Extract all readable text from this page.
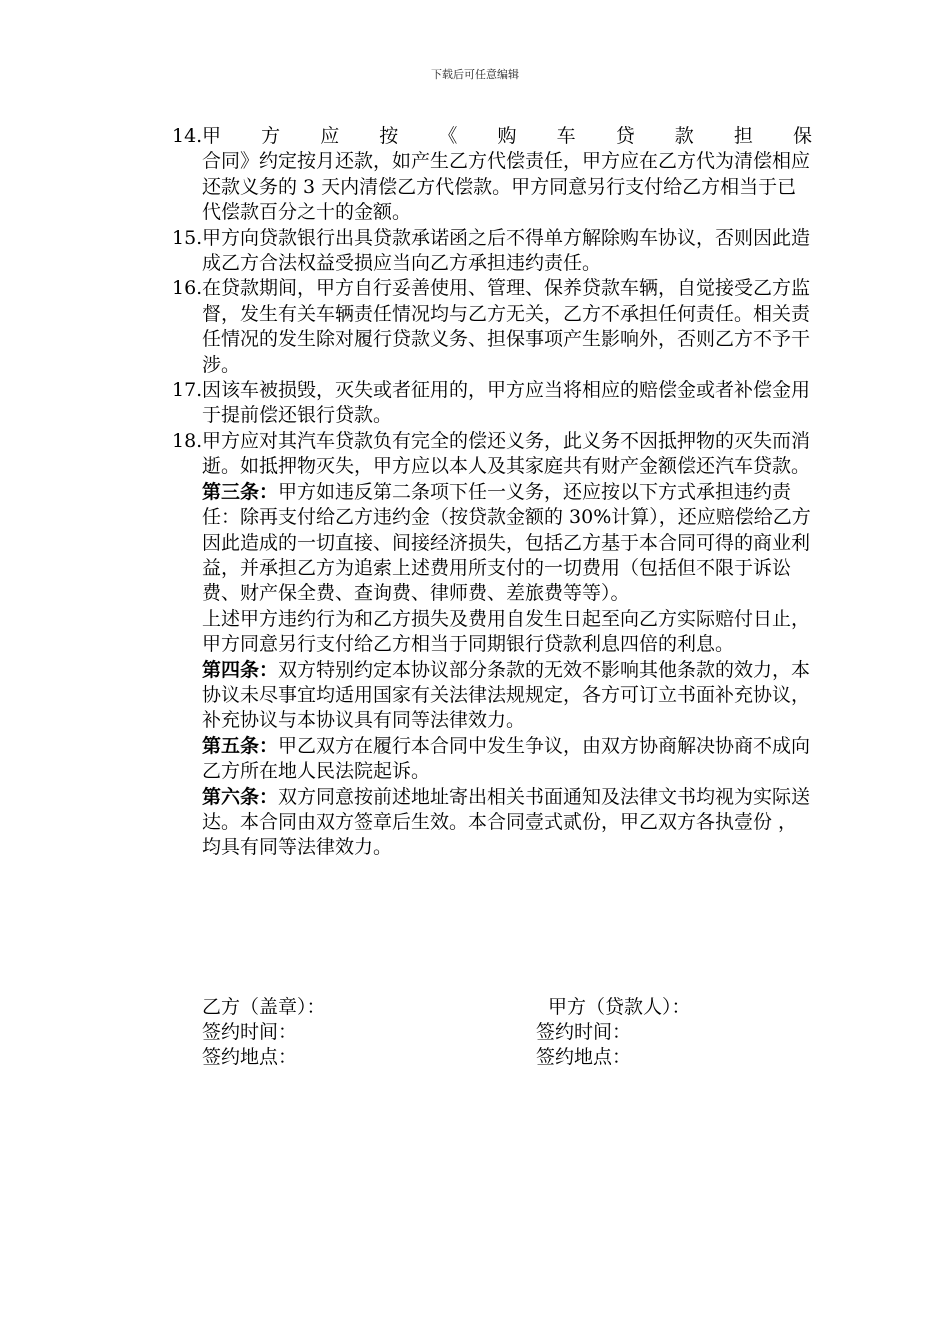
下载后可任意编辑
14. 甲方应按《购车贷款担保
合同》约定按月还款，如产生乙方代偿责任，甲方应在乙方代为清偿相应还款义务的 3 天内清偿乙方代偿款。甲方同意另行支付给乙方相当于已代偿款百分之十的金额。
15. 甲方向贷款银行出具贷款承诺函之后不得单方解除购车协议，否则因此造成乙方合法权益受损应当向乙方承担违约责任。
16. 在贷款期间，甲方自行妥善使用、管理、保养贷款车辆，自觉接受乙方监督，发生有关车辆责任情况均与乙方无关，乙方不承担任何责任。相关责任情况的发生除对履行贷款义务、担保事项产生影响外，否则乙方不予干涉。
17. 因该车被损毁，灭失或者征用的，甲方应当将相应的赔偿金或者补偿金用于提前偿还银行贷款。
18. 甲方应对其汽车贷款负有完全的偿还义务，此义务不因抵押物的灭失而消逝。如抵押物灭失，甲方应以本人及其家庭共有财产金额偿还汽车贷款。
第三条：甲方如违反第二条项下任一义务，还应按以下方式承担违约责任：除再支付给乙方违约金（按贷款金额的 30%计算），还应赔偿给乙方因此造成的一切直接、间接经济损失，包括乙方基于本合同可得的商业利益，并承担乙方为追索上述费用所支付的一切费用（包括但不限于诉讼费、财产保全费、查询费、律师费、差旅费等等）。
上述甲方违约行为和乙方损失及费用自发生日起至向乙方实际赔付日止，甲方同意另行支付给乙方相当于同期银行贷款利息四倍的利息。
第四条：双方特别约定本协议部分条款的无效不影响其他条款的效力，本协议未尽事宜均适用国家有关法律法规规定，各方可订立书面补充协议，补充协议与本协议具有同等法律效力。
第五条：甲乙双方在履行本合同中发生争议，由双方协商解决协商不成向乙方所在地人民法院起诉。
第六条：双方同意按前述地址寄出相关书面通知及法律文书均视为实际送达。本合同由双方签章后生效。本合同壹式贰份，甲乙双方各执壹份 ，均具有同等法律效力。
乙方（盖章）：	甲方（贷款人）：
签约时间：	签约时间：
签约地点：	签约地点：
